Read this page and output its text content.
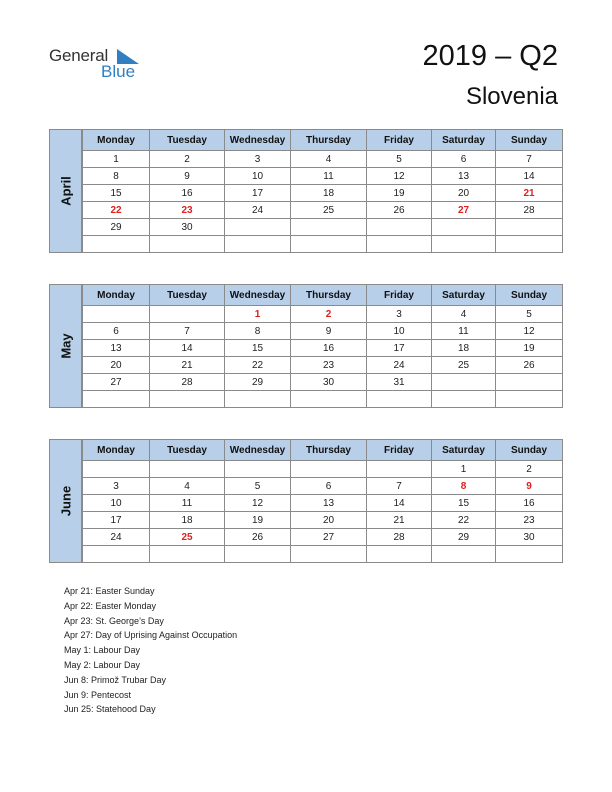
General
Blue	2019 – Q2
Slovenia
April
Monday	Tuesday	Wednesday	Thursday	Friday	Saturday	Sunday
1	2	3	4	5	6	7
8	9	10	11	12	13	14
15	16	17	18	19	20	21
22	23	24	25	26	27	28
29	30					

May
Monday	Tuesday	Wednesday	Thursday	Friday	Saturday	Sunday
		1	2	3	4	5
6	7	8	9	10	11	12
13	14	15	16	17	18	19
20	21	22	23	24	25	26
27	28	29	30	31		

June
Monday	Tuesday	Wednesday	Thursday	Friday	Saturday	Sunday
					1	2
3	4	5	6	7	8	9
10	11	12	13	14	15	16
17	18	19	20	21	22	23
24	25	26	27	28	29	30

Apr 21: Easter Sunday
Apr 22: Easter Monday
Apr 23: St. George’s Day
Apr 27: Day of Uprising Against Occupation
May 1: Labour Day
May 2: Labour Day
Jun 8: Primož Trubar Day
Jun 9: Pentecost
Jun 25: Statehood Day
